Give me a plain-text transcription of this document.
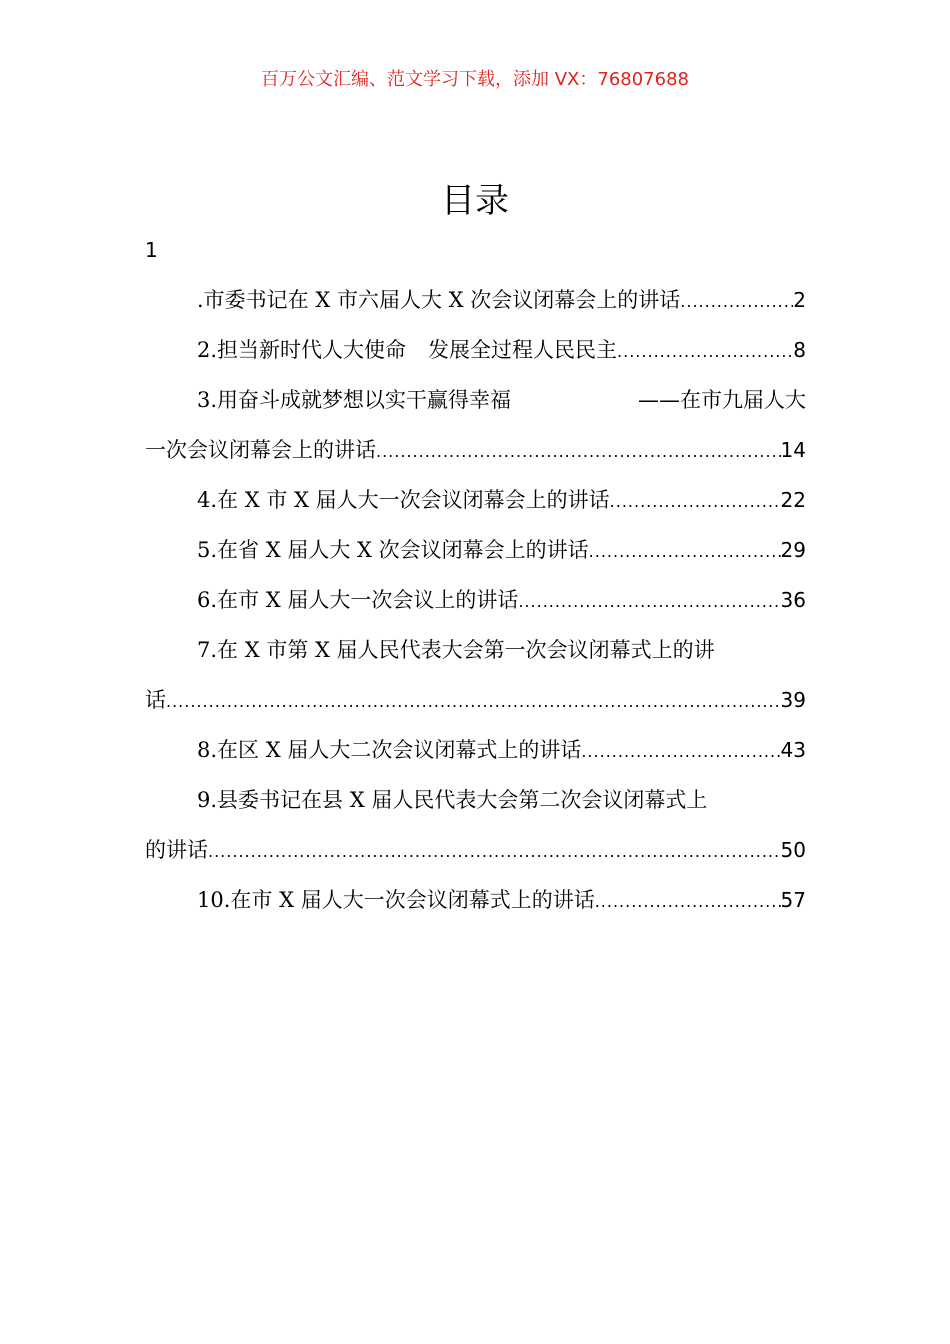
百万公文汇编、范文学习下载，添加 VX：76807688
目录
1
.市委书记在 X 市六届人大 X 次会议闭幕会上的讲话 .....	2
2.担当新时代人大使命 发展全过程人民民主 .....	8
3.用奋斗成就梦想以实干赢得幸福	——在市九届人大
一次会议闭幕会上的讲话 .....	14
4.在 X 市 X 届人大一次会议闭幕会上的讲话 .....	22
5.在省 X 届人大 X 次会议闭幕会上的讲话 .....	29
6.在市 X 届人大一次会议上的讲话 .....	36
7.在 X 市第 X 届人民代表大会第一次会议闭幕式上的讲
话 .....	39
8.在区 X 届人大二次会议闭幕式上的讲话 .....	43
9.县委书记在县 X 届人民代表大会第二次会议闭幕式上
的讲话 .....	50
10.在市 X 届人大一次会议闭幕式上的讲话 .....	57
